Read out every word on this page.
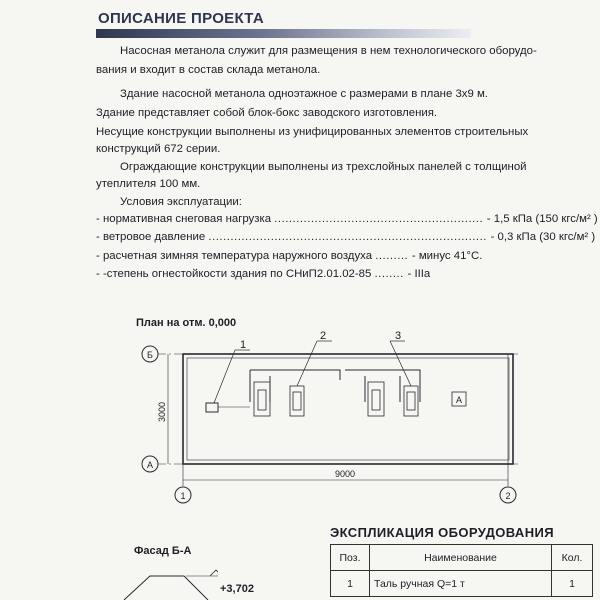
ОПИСАНИЕ ПРОЕКТА
Насосная метанола служит для размещения в нем технологического оборудо-
вания и входит в состав склада метанола.
Здание насосной метанола одноэтажное с размерами в плане 3х9 м.
Здание представляет собой блок-бокс заводского изготовления.
Несущие конструкции выполнены из унифицированных элементов строительных
конструкций 672 серии.
Ограждающие конструкции выполнены из трехслойных панелей с толщиной
утеплителя 100 мм.
Условия эксплуатации:
- нормативная снеговая нагрузка ......................................................... - 1,5 кПа (150 кгс/м² )
- ветровое давление ............................................................................ - 0,3 кПа (30 кгс/м² )
- расчетная зимняя температура наружного воздуха ......... - минус 41°С.
- -степень огнестойкости здания по СНиП2.01.02-85 ........ - IIIа
План на отм. 0,000
Б
А
1	2
9000
3000
1
2	3
А
Фасад Б-А
+3,702
ЭКСПЛИКАЦИЯ ОБОРУДОВАНИЯ
Поз.	Наименование	Кол.
1	Таль ручная Q=1 т	1
